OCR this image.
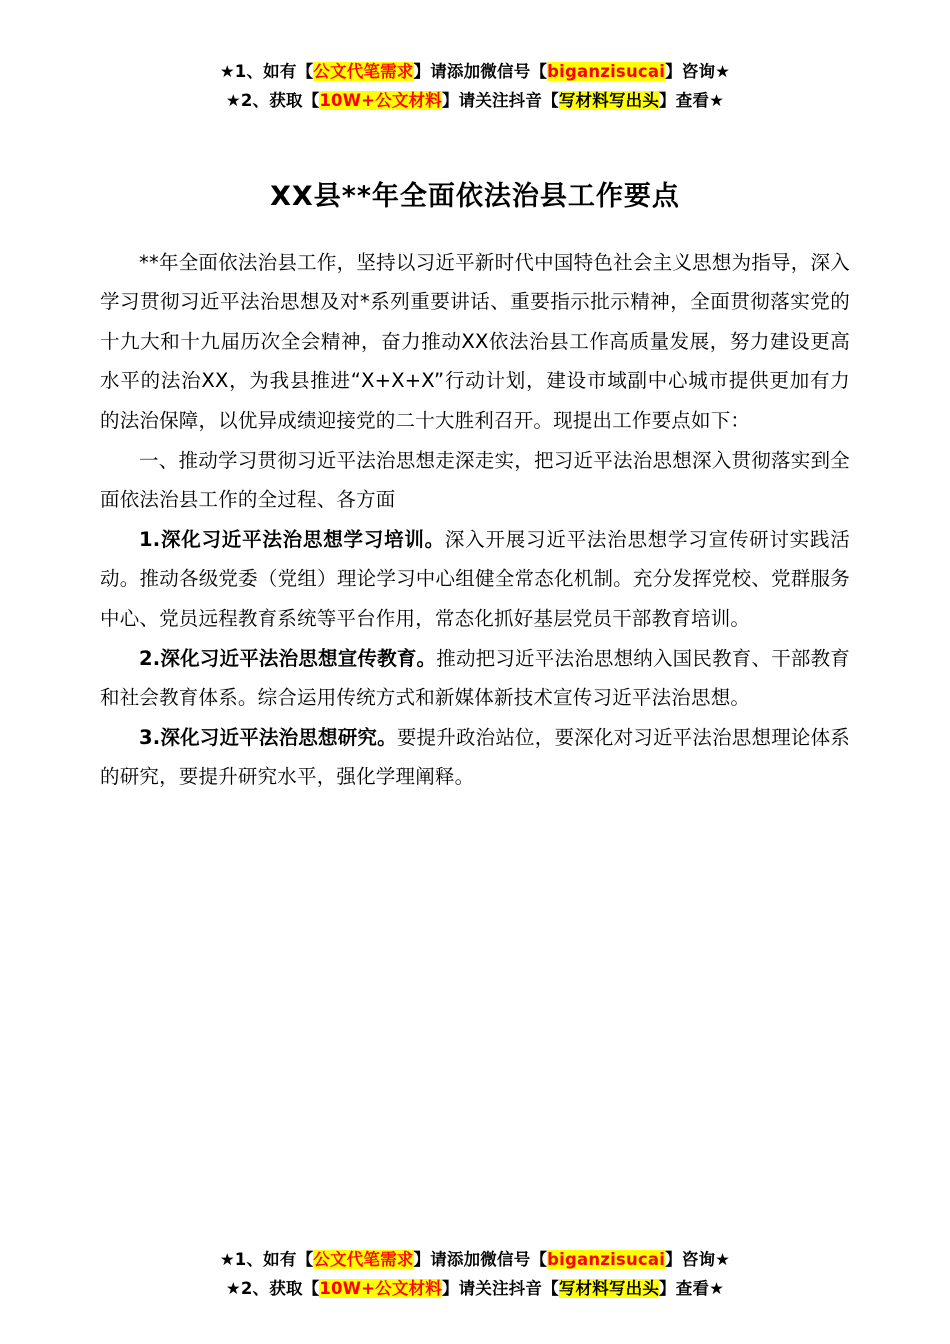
★1、如有【公文代笔需求】请添加微信号【biganzisucai】咨询★
★2、获取【10W+公文材料】请关注抖音【写材料写出头】查看★
XX县**年全面依法治县工作要点

**年全面依法治县工作，坚持以习近平新时代中国特色社会主义思想为指导，深入学习贯彻习近平法治思想及对*系列重要讲话、重要指示批示精神，全面贯彻落实党的十九大和十九届历次全会精神，奋力推动XX依法治县工作高质量发展，努力建设更高水平的法治XX，为我县推进“X+X+X”行动计划，建设市域副中心城市提供更加有力的法治保障，以优异成绩迎接党的二十大胜利召开。现提出工作要点如下：

一、推动学习贯彻习近平法治思想走深走实，把习近平法治思想深入贯彻落实到全面依法治县工作的全过程、各方面

1.深化习近平法治思想学习培训。深入开展习近平法治思想学习宣传研讨实践活动。推动各级党委（党组）理论学习中心组健全常态化机制。充分发挥党校、党群服务中心、党员远程教育系统等平台作用，常态化抓好基层党员干部教育培训。

2.深化习近平法治思想宣传教育。推动把习近平法治思想纳入国民教育、干部教育和社会教育体系。综合运用传统方式和新媒体新技术宣传习近平法治思想。

3.深化习近平法治思想研究。要提升政治站位，要深化对习近平法治思想理论体系的研究，要提升研究水平，强化学理阐释。

★1、如有【公文代笔需求】请添加微信号【biganzisucai】咨询★
★2、获取【10W+公文材料】请关注抖音【写材料写出头】查看★
